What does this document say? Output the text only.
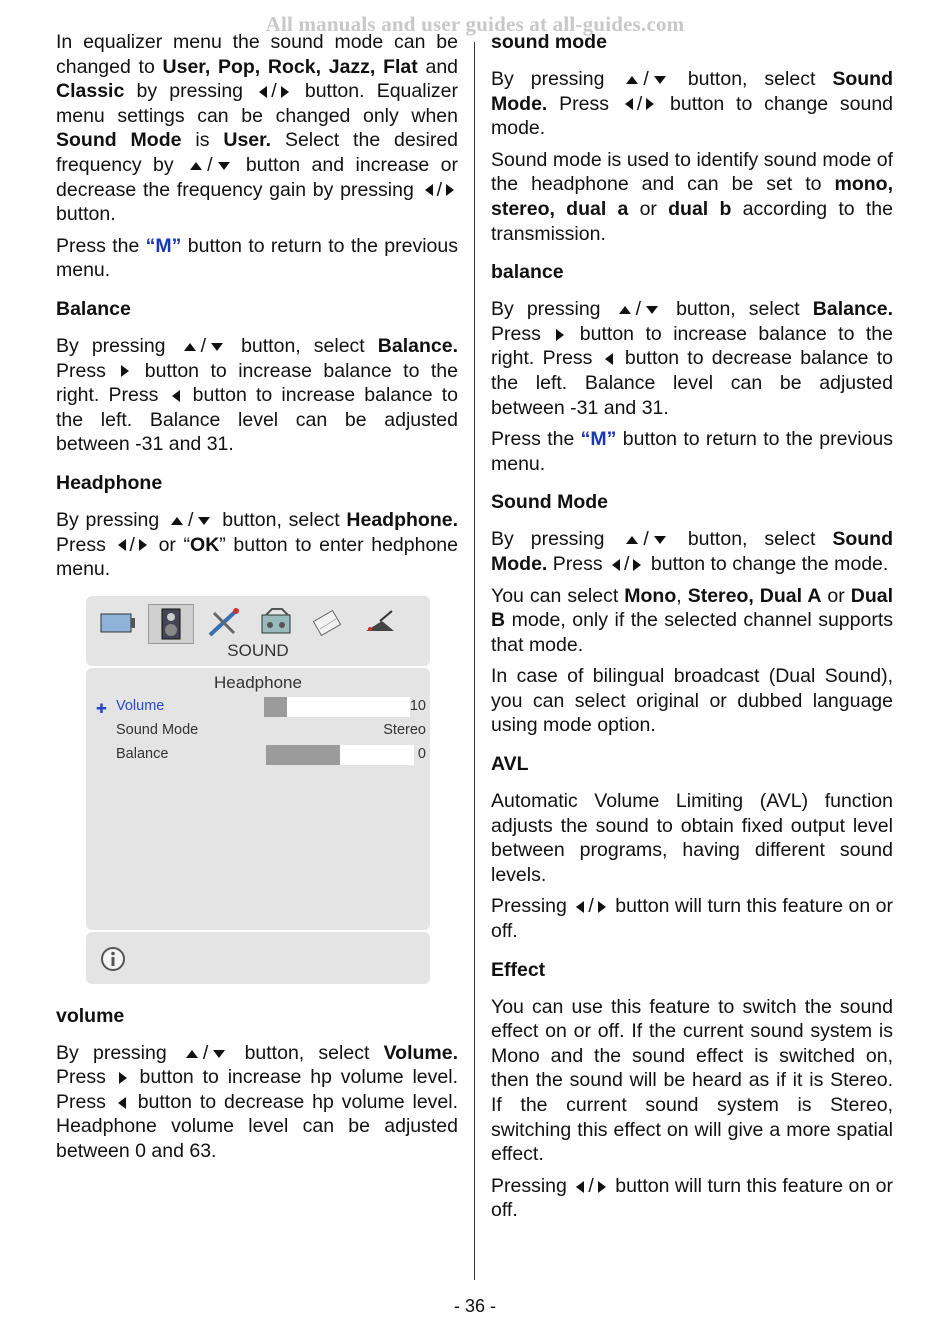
All manuals and user guides at all-guides.com

In equalizer menu the sound mode can be changed to User, Pop, Rock, Jazz, Flat and Classic by pressing / button. Equalizer menu settings can be changed only when Sound Mode is User. Select the desired frequency by / button and increase or decrease the frequency gain by pressing / button.

Press the “M” button to return to the previous menu.

Balance

By pressing / button, select Balance. Press button to increase balance to the right. Press button to increase balance to the left. Balance level can be adjusted between -31 and 31.

Headphone

By pressing / button, select Headphone. Press / or “OK” button to enter hedphone menu.

SOUND
Headphone
✚ Volume	10
Sound Mode	Stereo
Balance	0
volume

By pressing / button, select Volume. Press button to increase hp volume level. Press button to decrease hp volume level. Headphone volume level can be adjusted between 0 and 63.

sound mode

By pressing / button, select Sound Mode. Press / button to change sound mode.

Sound mode is used to identify sound mode of the headphone and can be set to mono, stereo, dual a or dual b according to the transmission.

balance

By pressing / button, select Balance. Press button to increase balance to the right. Press button to decrease balance to the left. Balance level can be adjusted between -31 and 31.

Press the “M” button to return to the previous menu.

Sound Mode

By pressing / button, select Sound Mode. Press / button to change the mode.

You can select Mono, Stereo, Dual A or Dual B mode, only if the selected channel supports that mode.

In case of bilingual broadcast (Dual Sound), you can select original or dubbed language using mode option.

AVL

Automatic Volume Limiting (AVL) function adjusts the sound to obtain fixed output level between programs, having different sound levels.

Pressing / button will turn this feature on or off.

Effect

You can use this feature to switch the sound effect on or off. If the current sound system is Mono and the sound effect is switched on, then the sound will be heard as if it is Stereo. If the current sound system is Stereo, switching this effect on will give a more spatial effect.

Pressing / button will turn this feature on or off.

- 36 -
